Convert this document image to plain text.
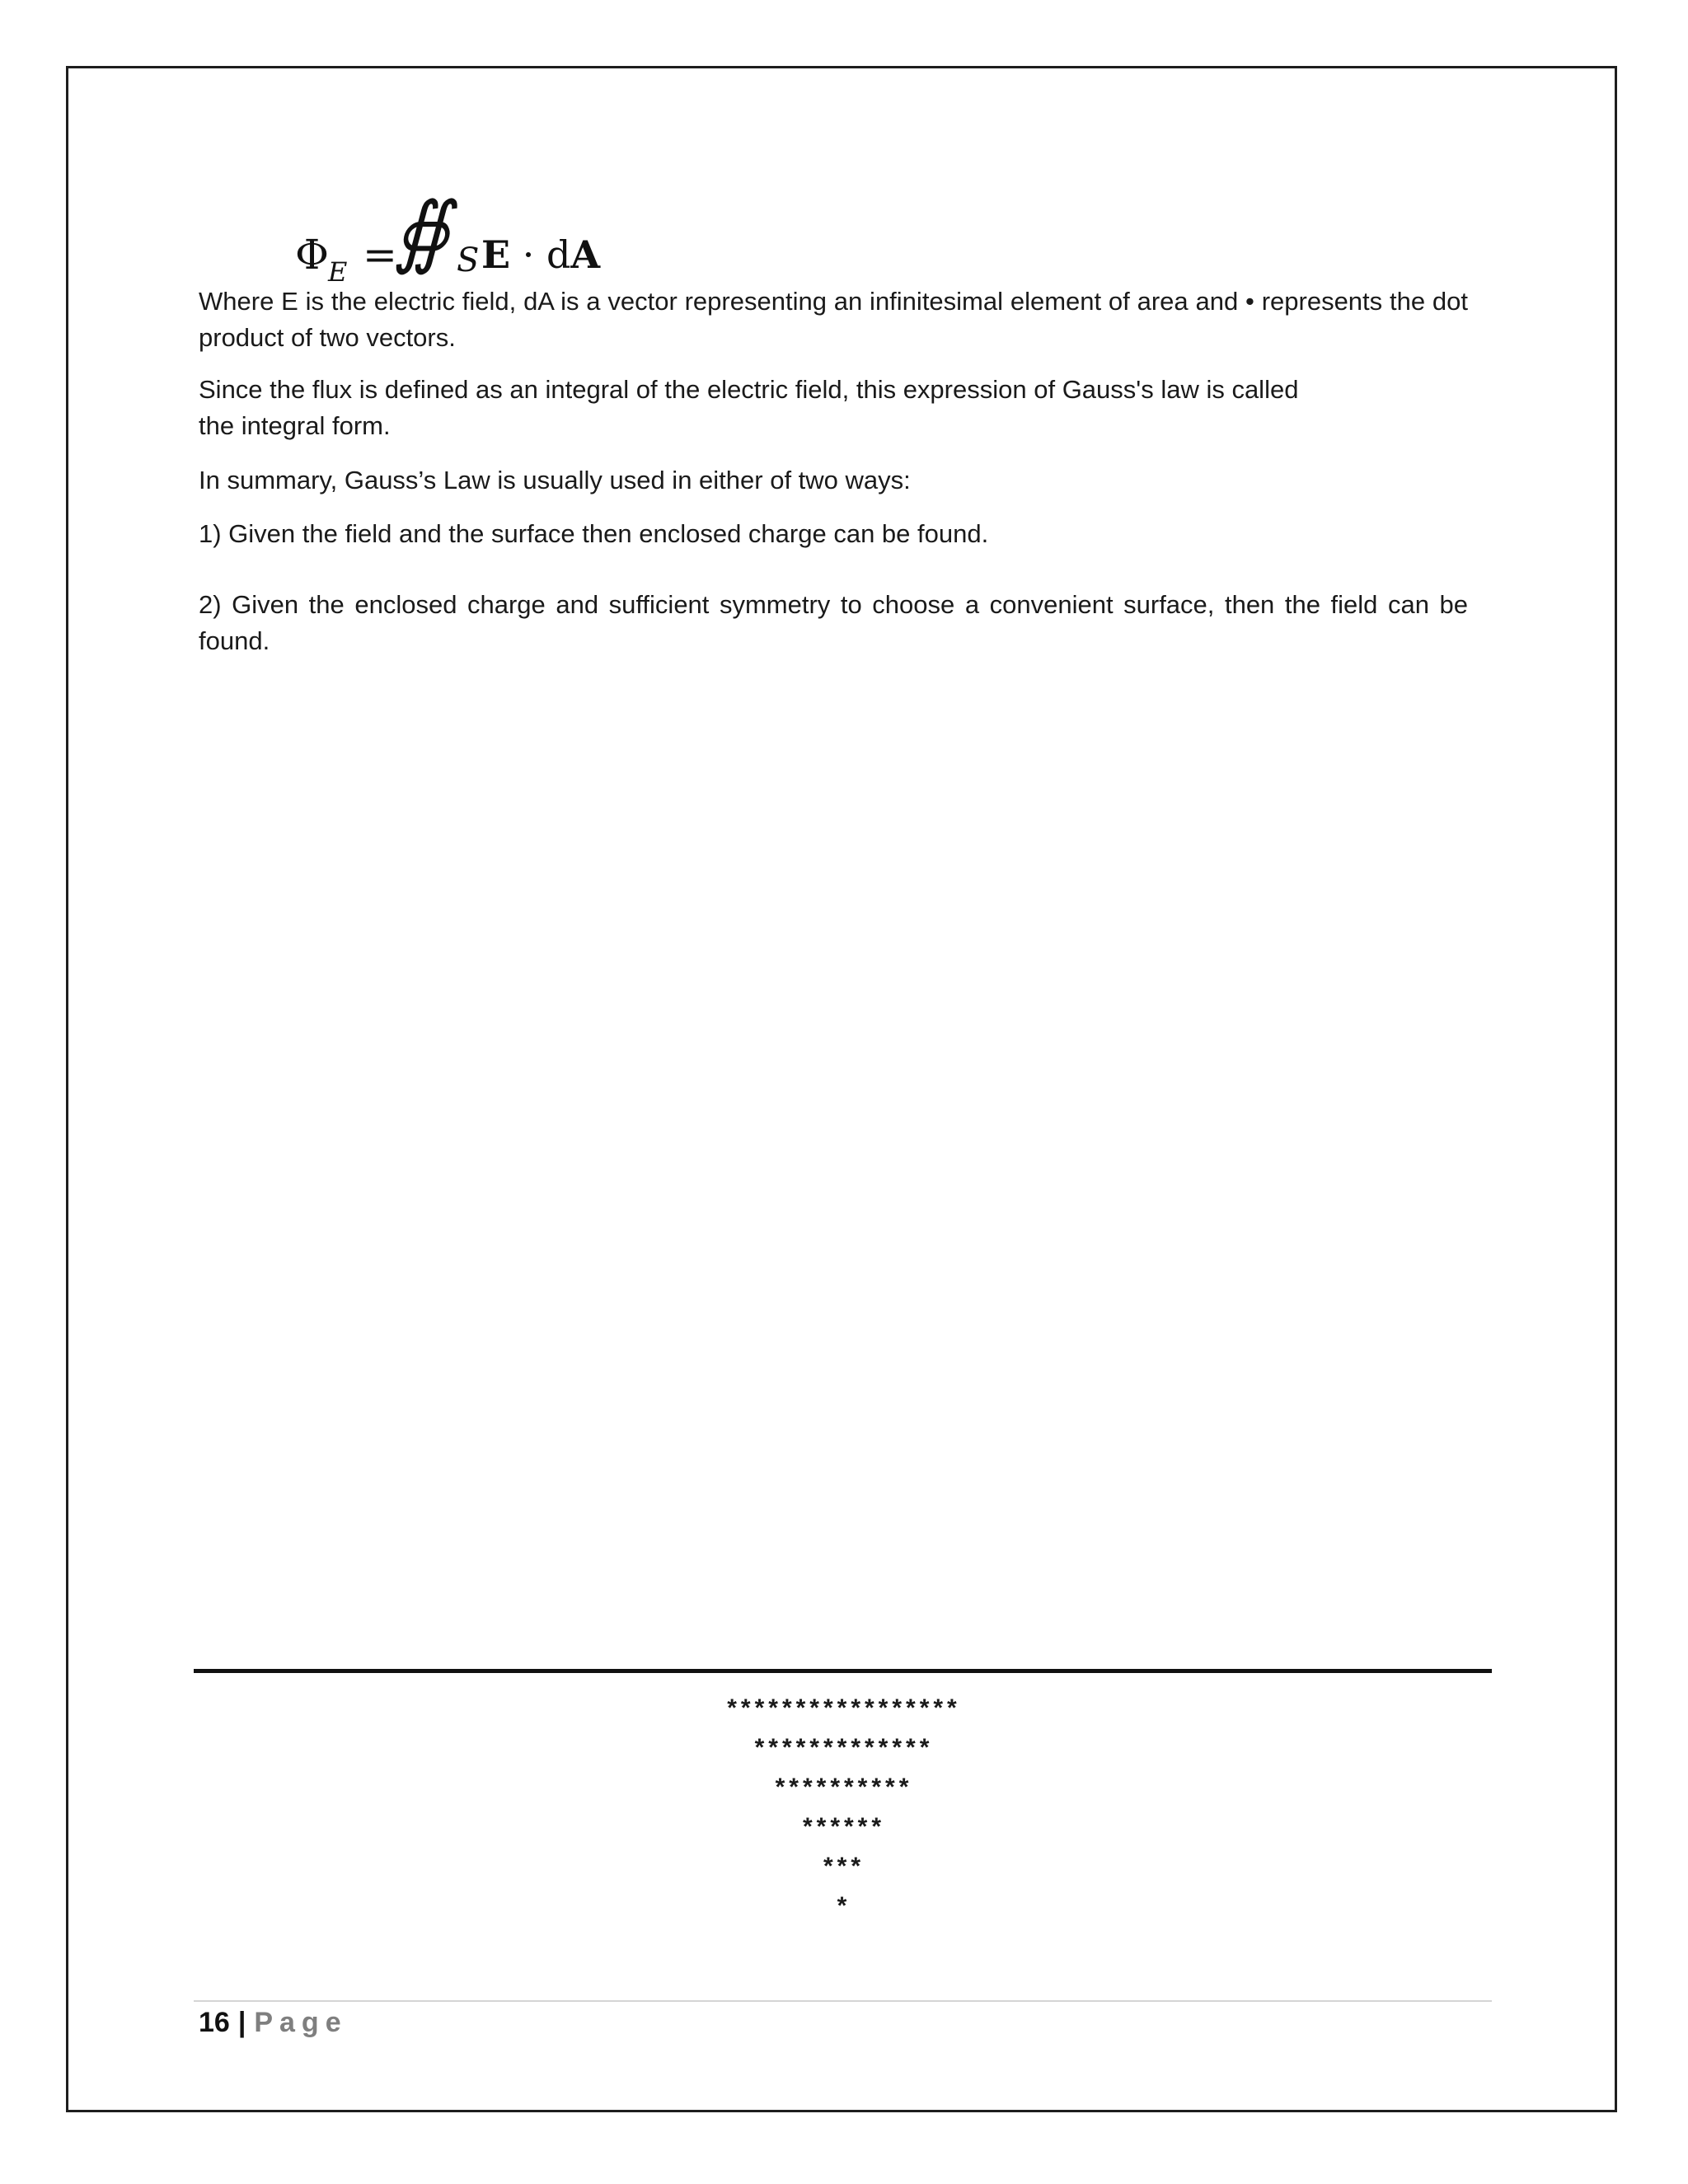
Φ E =
∯ S E · dA

Where E is the electric field, dA is a vector representing an infinitesimal element of area and • represents the dot product of two vectors.

Since the flux is defined as an integral of the electric field, this expression of Gauss's law is called

the integral form.

In summary, Gauss’s Law is usually used in either of two ways:

1) Given the field and the surface then enclosed charge can be found.

2) Given the enclosed charge and sufficient symmetry to choose a convenient surface, then the field can be found.

*****************
*************
**********
******
***
*
16 | Page
